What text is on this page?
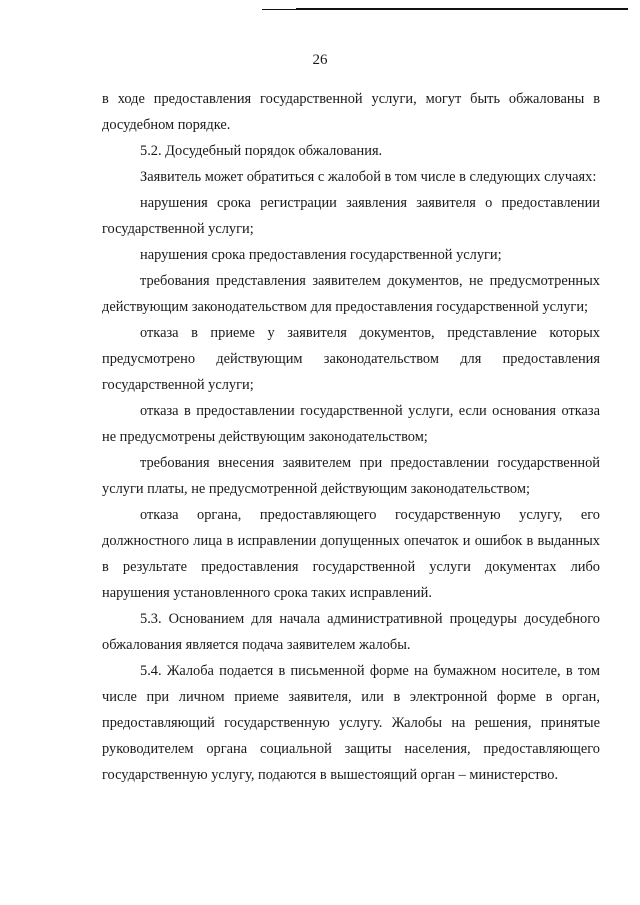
26

в ходе предоставления государственной услуги, могут быть обжалованы в досудебном порядке.

5.2. Досудебный порядок обжалования.

Заявитель может обратиться с жалобой в том числе в следующих случаях:

нарушения срока регистрации заявления заявителя о предоставлении государственной услуги;

нарушения срока предоставления государственной услуги;

требования представления заявителем документов, не предусмотренных действующим законодательством для предоставления государственной услуги;

отказа в приеме у заявителя документов, представление которых предусмотрено действующим законодательством для предоставления государственной услуги;

отказа в предоставлении государственной услуги, если основания отказа не предусмотрены действующим законодательством;

требования внесения заявителем при предоставлении государственной услуги платы, не предусмотренной действующим законодательством;

отказа органа, предоставляющего государственную услугу, его должностного лица в исправлении допущенных опечаток и ошибок в выданных в результате предоставления государственной услуги документах либо нарушения установленного срока таких исправлений.

5.3. Основанием для начала административной процедуры досудебного обжалования является подача заявителем жалобы.

5.4. Жалоба подается в письменной форме на бумажном носителе, в том числе при личном приеме заявителя, или в электронной форме в орган, предоставляющий государственную услугу. Жалобы на решения, принятые руководителем органа социальной защиты населения, предоставляющего государственную услугу, подаются в вышестоящий орган – министерство.
